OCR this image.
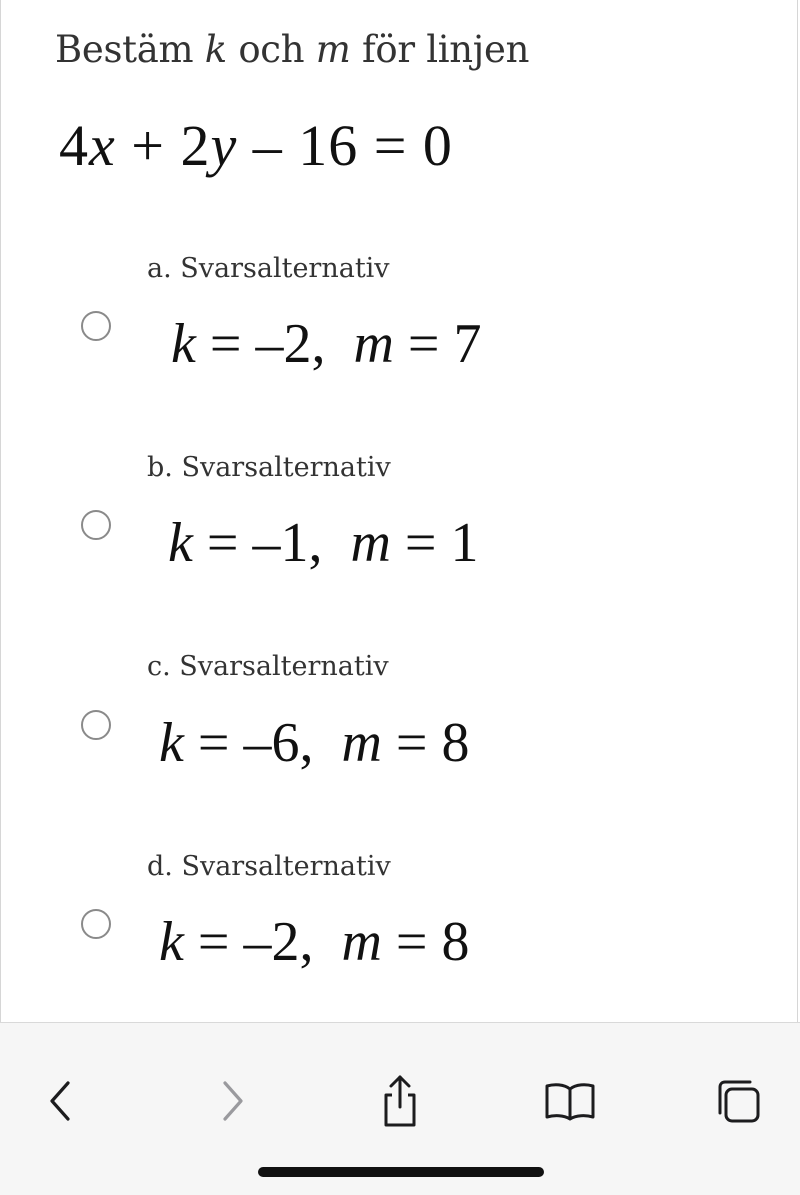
Bestäm k och m för linjen
4x + 2y – 16 = 0
a. Svarsalternativ
k = –2, m = 7
b. Svarsalternativ
k = –1, m = 1
c. Svarsalternativ
k = –6, m = 8
d. Svarsalternativ
k = –2, m = 8
